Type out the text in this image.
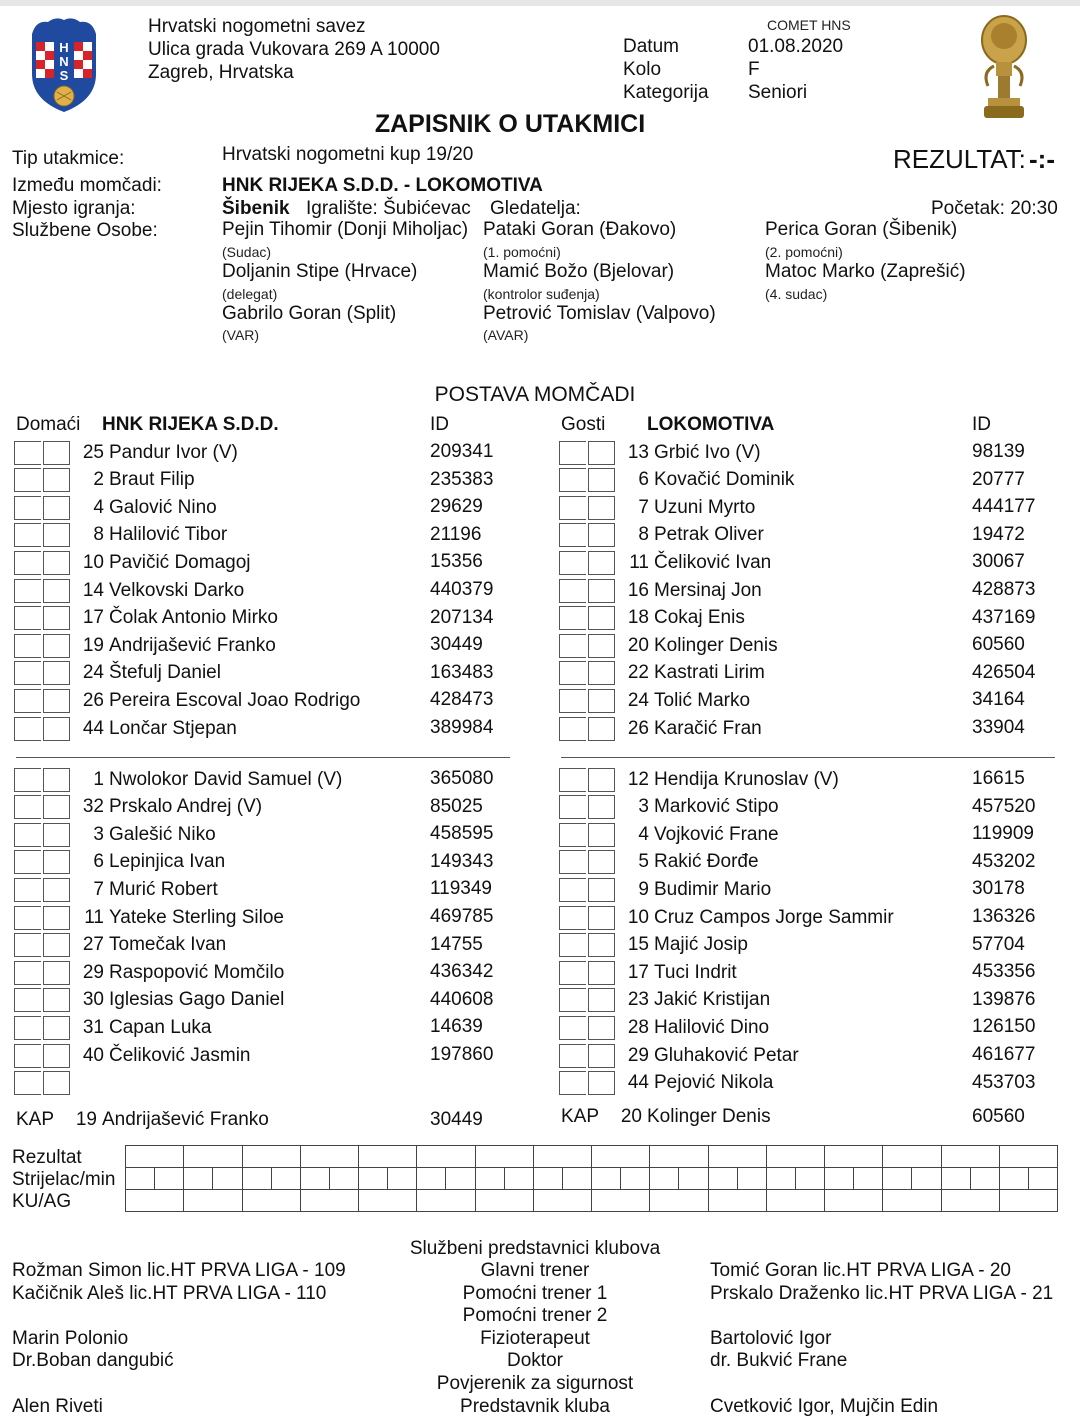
H
N
S
Hrvatski nogometni savez
Ulica grada Vukovara 269 A 10000
Zagreb, Hrvatska
COMET HNS
Datum	01.08.2020
Kolo	F
Kategorija Seniori
ZAPISNIK O UTAKMICI
Tip utakmice:	Hrvatski nogometni kup 19/20	REZULTAT: -:-
Između momčadi:	HNK RIJEKA S.D.D. - LOKOMOTIVA
Mjesto igranja:	Šibenik Igralište: Šubićevac Gledatelja:	Početak: 20:30
Službene Osobe:	Pejin Tihomir (Donji Miholjac)
(Sudac)
Pataki Goran (Đakovo)
(1. pomoćni)
Perica Goran (Šibenik)
(2. pomoćni)
Doljanin Stipe (Hrvace)
(delegat)
Mamić Božo (Bjelovar)
(kontrolor suđenja)
Matoc Marko (Zaprešić)
(4. sudac)
Gabrilo Goran (Split)
(VAR)
Petrović Tomislav (Valpovo)
(AVAR)
POSTAVA MOMČADI
Domaći HNK RIJEKA S.D.D.	ID	Gosti LOKOMOTIVA	ID
25 Pandur Ivor (V)	209341
2 Braut Filip	235383
4 Galović Nino	29629
8 Halilović Tibor	21196
10 Pavičić Domagoj	15356
14 Velkovski Darko	440379
17 Čolak Antonio Mirko	207134
19 Andrijašević Franko	30449
24 Štefulj Daniel	163483
26 Pereira Escoval Joao Rodrigo	428473
44 Lončar Stjepan	389984
1 Nwolokor David Samuel (V)	365080
32 Prskalo Andrej (V)	85025
3 Galešić Niko	458595
6 Lepinjica Ivan	149343
7 Murić Robert	119349
11 Yateke Sterling Siloe	469785
27 Tomečak Ivan	14755
29 Raspopović Momčilo	436342
30 Iglesias Gago Daniel	440608
31 Capan Luka	14639
40 Čeliković Jasmin	197860
13 Grbić Ivo (V)	98139
6 Kovačić Dominik	20777
7 Uzuni Myrto	444177
8 Petrak Oliver	19472
11 Čeliković Ivan	30067
16 Mersinaj Jon	428873
18 Cokaj Enis	437169
20 Kolinger Denis	60560
22 Kastrati Lirim	426504
24 Tolić Marko	34164
26 Karačić Fran	33904
12 Hendija Krunoslav (V)	16615
3 Marković Stipo	457520
4 Vojković Frane	119909
5 Rakić Đorđe	453202
9 Budimir Mario	30178
10 Cruz Campos Jorge Sammir	136326
15 Majić Josip	57704
17 Tuci Indrit	453356
23 Jakić Kristijan	139876
28 Halilović Dino	126150
29 Gluhaković Petar	461677
44 Pejović Nikola	453703
KAP 19 Andrijašević Franko	30449	KAP 20 Kolinger Denis	60560
Rezultat
Strijelac/min
KU/AG

Službeni predstavnici klubova
Rožman Simon lic.HT PRVA LIGA - 109	Glavni trener	Tomić Goran lic.HT PRVA LIGA - 20
Kačičnik Aleš lic.HT PRVA LIGA - 110	Pomoćni trener 1	Prskalo Draženko lic.HT PRVA LIGA - 21
Pomoćni trener 2
Marin Polonio	Fizioterapeut	Bartolović Igor
Dr.Boban dangubić	Doktor	dr. Bukvić Frane
Povjerenik za sigurnost
Alen Riveti	Predstavnik kluba	Cvetković Igor, Mujčin Edin
